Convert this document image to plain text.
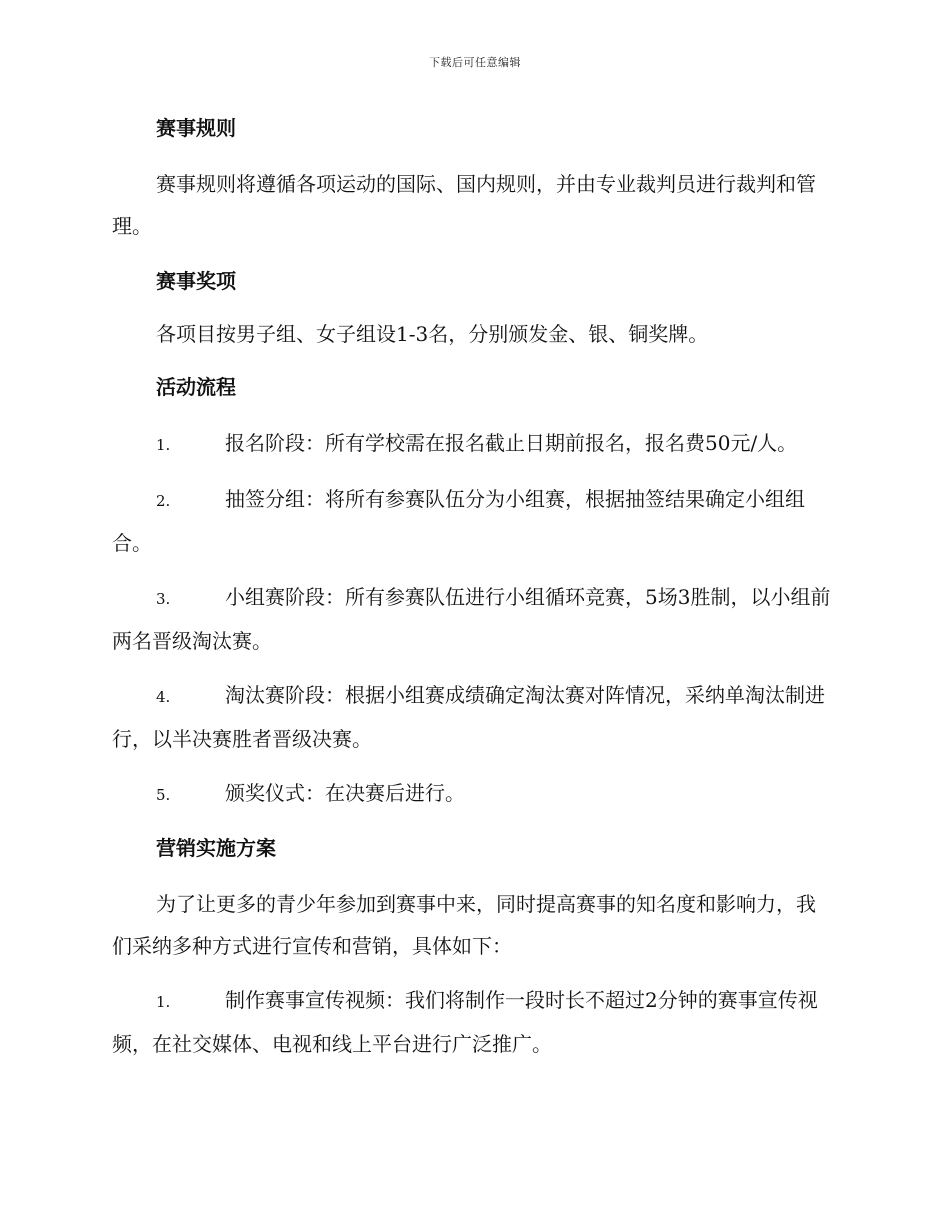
下载后可任意编辑
赛事规则

赛事规则将遵循各项运动的国际、国内规则，并由专业裁判员进行裁判和管理。

赛事奖项

各项目按男子组、女子组设1-3名，分别颁发金、银、铜奖牌。

活动流程

1.	报名阶段：所有学校需在报名截止日期前报名，报名费50元/人。

2.	抽签分组：将所有参赛队伍分为小组赛，根据抽签结果确定小组组合。

3.	小组赛阶段：所有参赛队伍进行小组循环竞赛，5场3胜制，以小组前两名晋级淘汰赛。

4.	淘汰赛阶段：根据小组赛成绩确定淘汰赛对阵情况，采纳单淘汰制进行，以半决赛胜者晋级决赛。

5.	颁奖仪式：在决赛后进行。

营销实施方案

为了让更多的青少年参加到赛事中来，同时提高赛事的知名度和影响力，我们采纳多种方式进行宣传和营销，具体如下：

1.	制作赛事宣传视频：我们将制作一段时长不超过2分钟的赛事宣传视频，在社交媒体、电视和线上平台进行广泛推广。
